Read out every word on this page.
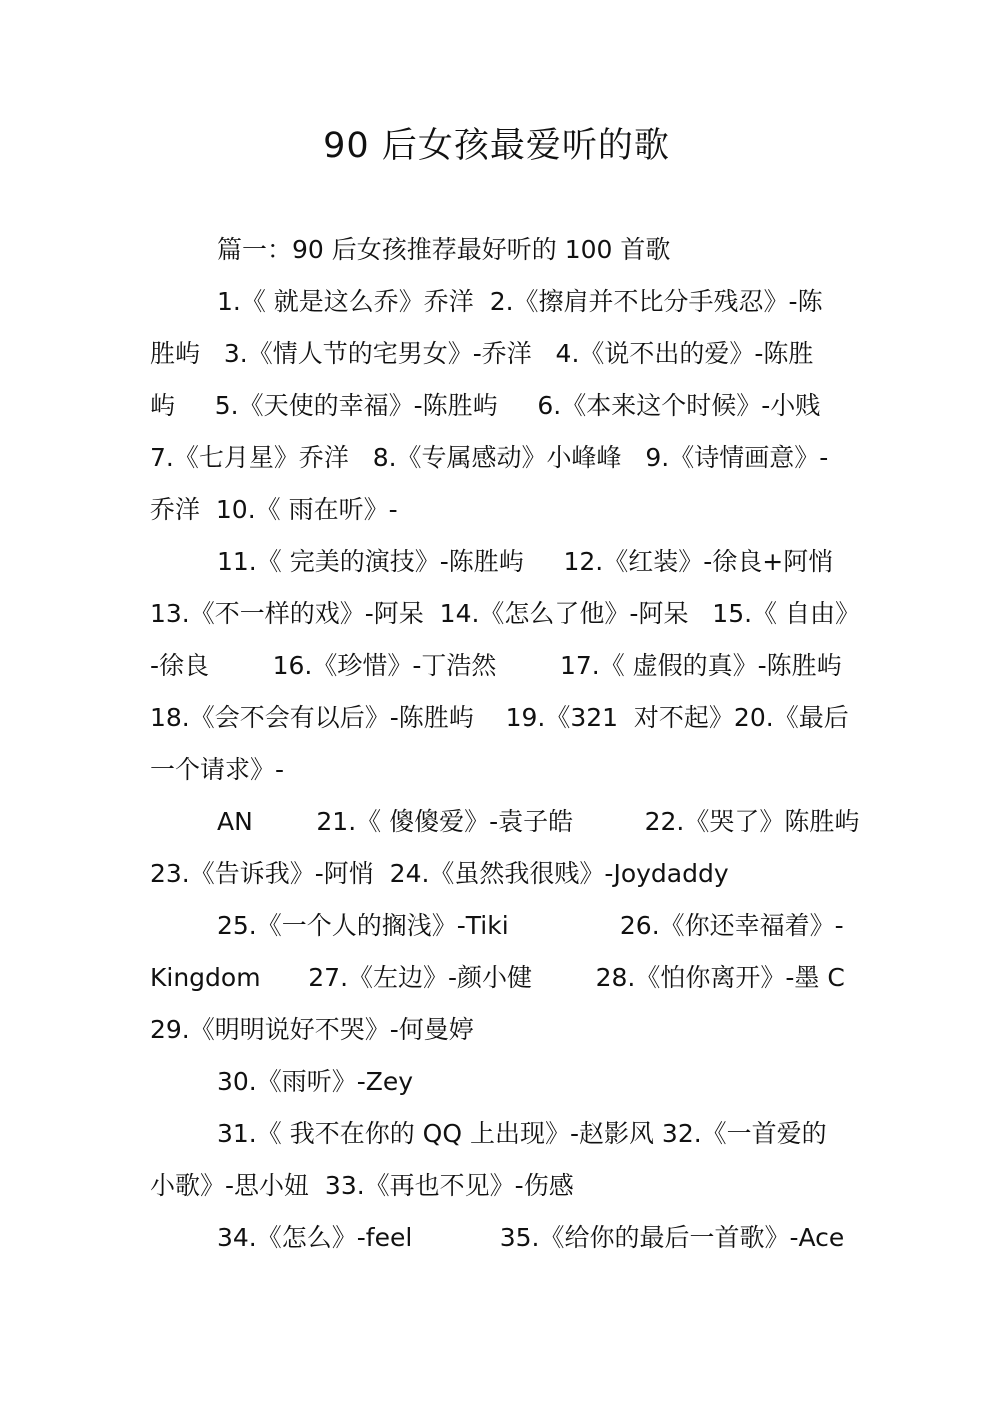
90 后女孩最爱听的歌
篇一：90 后女孩推荐最好听的 100 首歌
1.《 就是这么乔》乔洋  2.《擦肩并不比分手残忍》-陈
胜屿   3.《情人节的宅男女》-乔洋   4.《说不出的爱》-陈胜
屿     5.《天使的幸福》-陈胜屿     6.《本来这个时候》-小贱
7.《七月星》乔洋   8.《专属感动》小峰峰   9.《诗情画意》-
乔洋  10.《 雨在听》-
11.《 完美的演技》-陈胜屿     12.《红装》-徐良+阿悄
13.《不一样的戏》-阿呆  14.《怎么了他》-阿呆   15.《 自由》
-徐良        16.《珍惜》-丁浩然        17.《 虚假的真》-陈胜屿
18.《会不会有以后》-陈胜屿    19.《321  对不起》20.《最后
一个请求》-
AN        21.《 傻傻爱》-袁子皓         22.《哭了》陈胜屿
23.《告诉我》-阿悄  24.《虽然我很贱》-Joydaddy
25.《一个人的搁浅》-Tiki              26.《你还幸福着》-
Kingdom      27.《左边》-颜小健        28.《怕你离开》-墨 C
29.《明明说好不哭》-何曼婷
30.《雨听》-Zey
31.《 我不在你的 QQ 上出现》-赵影风 32.《一首爱的
小歌》-思小妞  33.《再也不见》-伤感
34.《怎么》-feel           35.《给你的最后一首歌》-Ace
